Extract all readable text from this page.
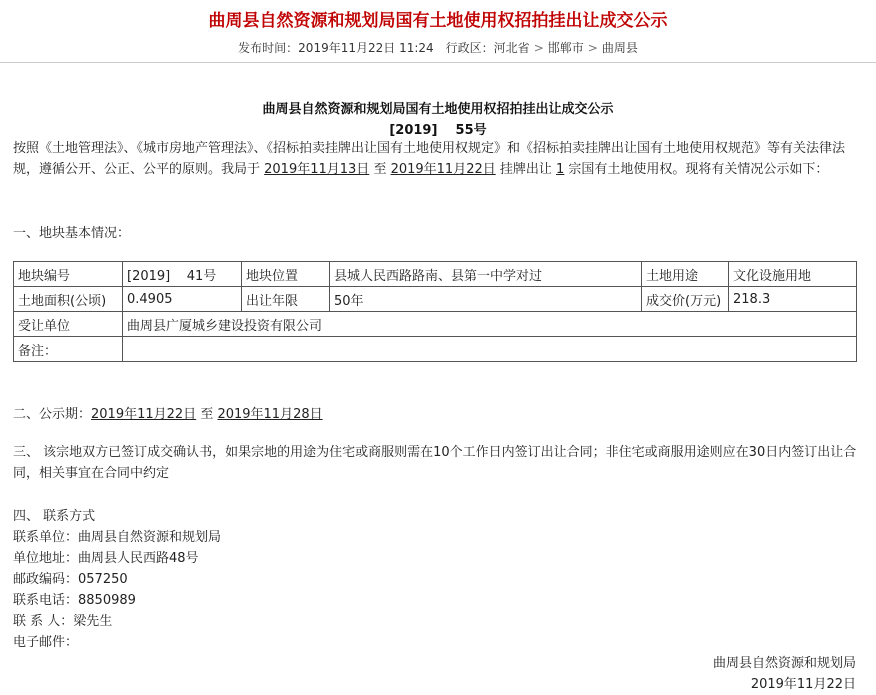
曲周县自然资源和规划局国有土地使用权招拍挂出让成交公示
发布时间：2019年11月22日 11:24 行政区：河北省 > 邯郸市 > 曲周县
曲周县自然资源和规划局国有土地使用权招拍挂出让成交公示
[2019]    55号
按照《土地管理法》、《城市房地产管理法》、《招标拍卖挂牌出让国有土地使用权规定》和《招标拍卖挂牌出让国有土地使用权规范》等有关法律法规，遵循公开、公正、公平的原则。我局于 2019年11月13日 至 2019年11月22日 挂牌出让 1 宗国有土地使用权。现将有关情况公示如下：
一、地块基本情况：
地块编号	[2019]    41号	地块位置	县城人民西路路南、县第一中学对过	土地用途	文化设施用地
土地面积(公顷)	0.4905	出让年限	50年	成交价(万元)	218.3
受让单位	曲周县广厦城乡建设投资有限公司				
备注：					
二、公示期：2019年11月22日 至 2019年11月28日
三、 该宗地双方已签订成交确认书，如果宗地的用途为住宅或商服则需在10个工作日内签订出让合同；非住宅或商服用途则应在30日内签订出让合同，相关事宜在合同中约定
四、 联系方式
联系单位：曲周县自然资源和规划局
单位地址：曲周县人民西路48号
邮政编码：057250
联系电话：8850989
联 系 人：梁先生
电子邮件：
曲周县自然资源和规划局
2019年11月22日
